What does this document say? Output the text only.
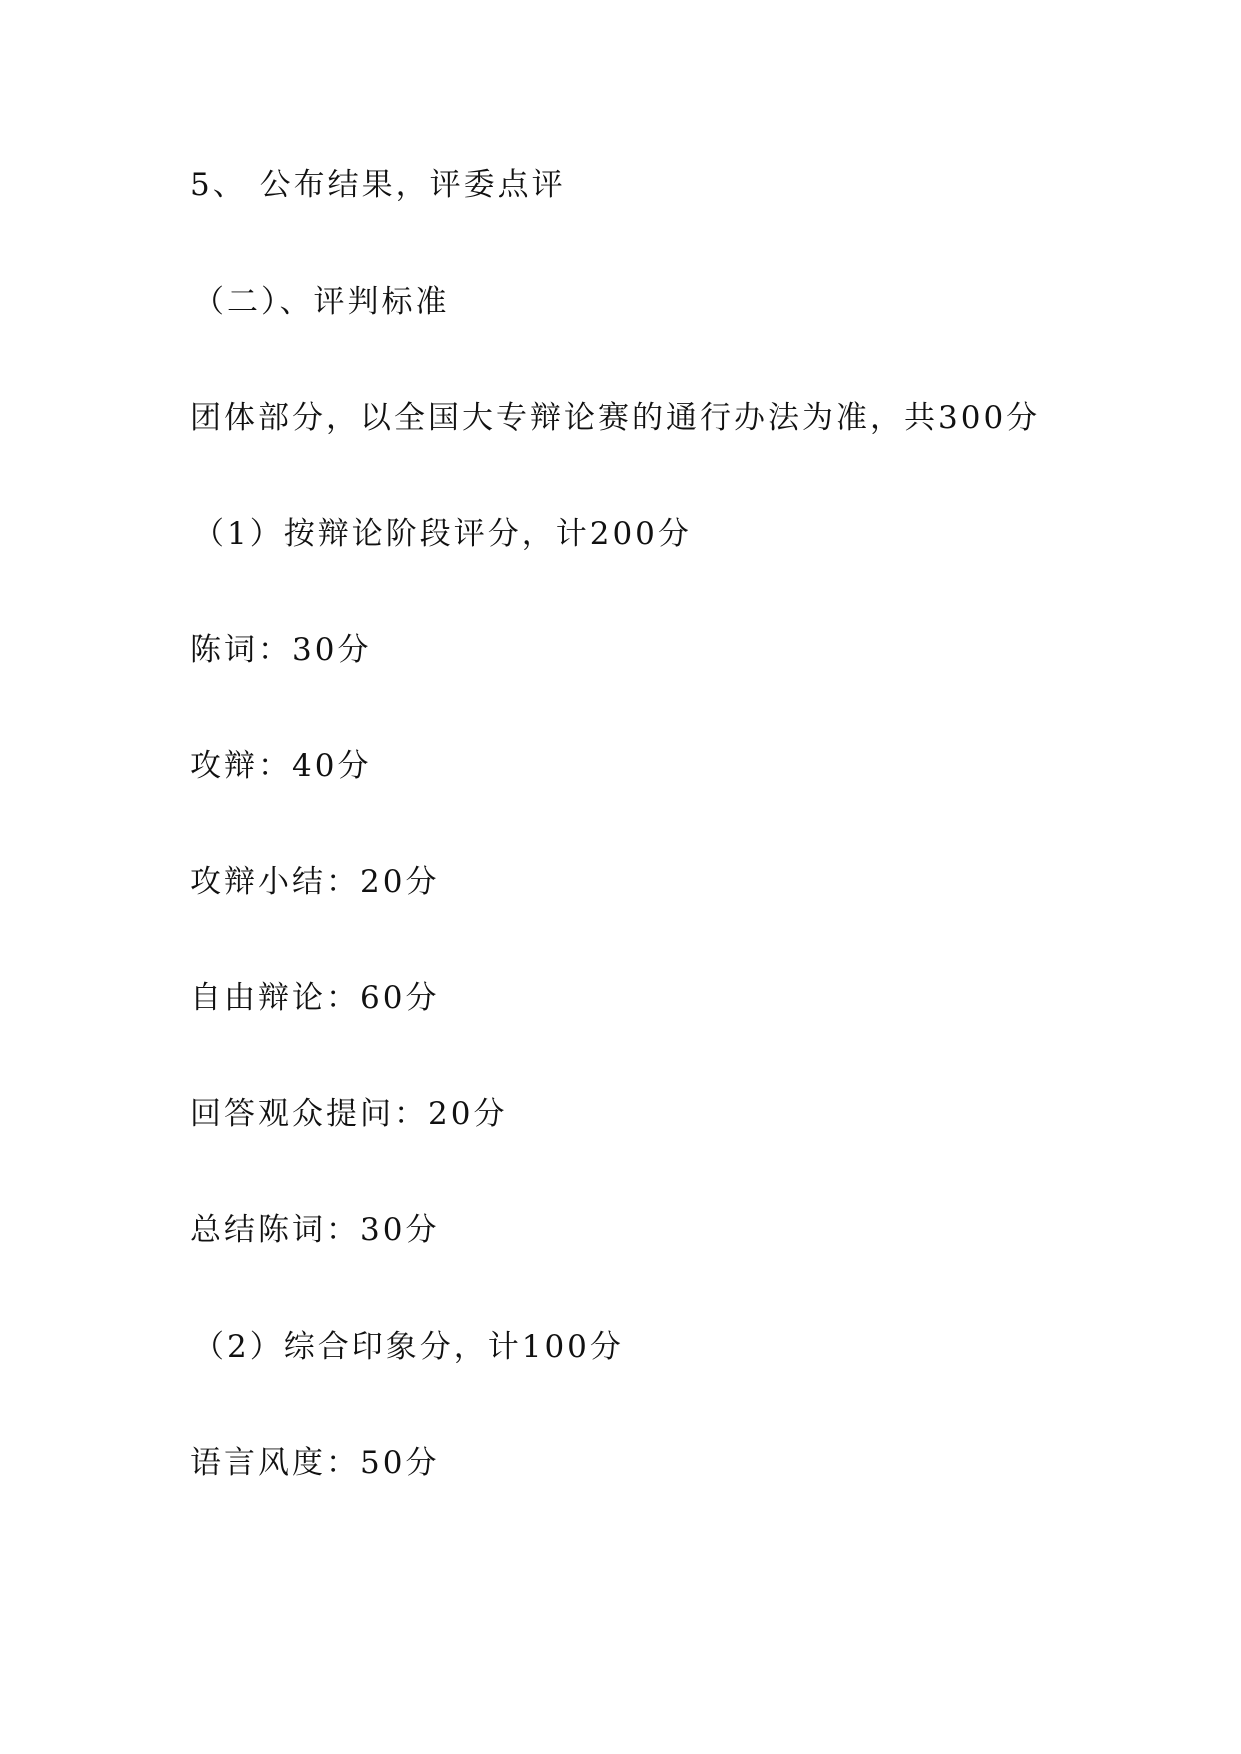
5、 公布结果，评委点评
（二）、评判标准
团体部分，以全国大专辩论赛的通行办法为准，共300分
（1）按辩论阶段评分，计200分
陈词：30分
攻辩：40分
攻辩小结：20分
自由辩论：60分
回答观众提问：20分
总结陈词：30分
（2）综合印象分，计100分
语言风度：50分
